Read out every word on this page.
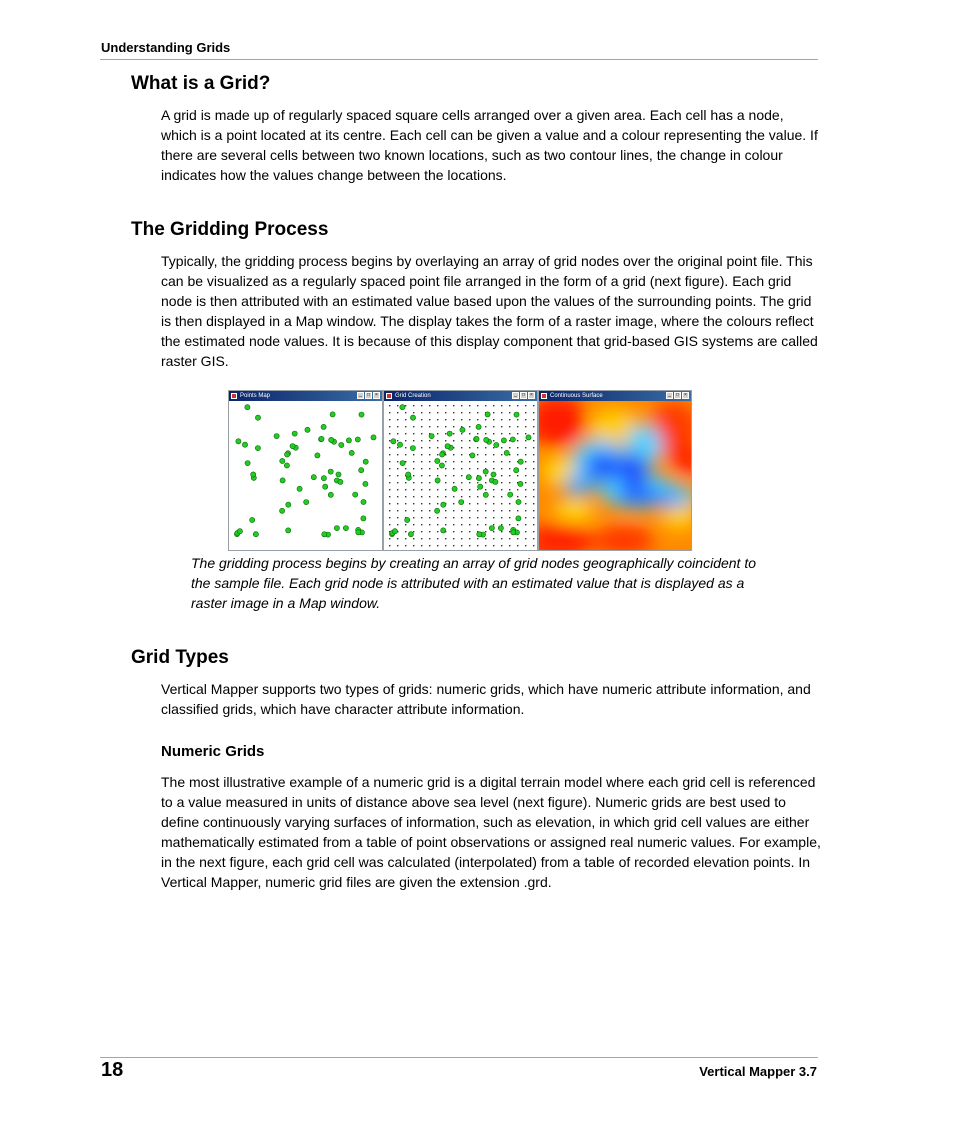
Understanding Grids
What is a Grid?

A grid is made up of regularly spaced square cells arranged over a given area. Each cell has a node, which is a point located at its centre. Each cell can be given a value and a colour representing the value. If there are several cells between two known locations, such as two contour lines, the change in colour indicates how the values change between the locations.

The Gridding Process

Typically, the gridding process begins by overlaying an array of grid nodes over the original point file. This can be visualized as a regularly spaced point file arranged in the form of a grid (next figure). Each grid node is then attributed with an estimated value based upon the values of the surrounding points. The grid is then displayed in a Map window. The display takes the form of a raster image, where the colours reflect the estimated node values. It is because of this display component that grid-based GIS systems are called raster GIS.

Points Map	_	□	×	Grid Creation	_	□	×	Continuous Surface	_	□	×

The gridding process begins by creating an array of grid nodes geographically coincident to the sample file. Each grid node is attributed with an estimated value that is displayed as a raster image in a Map window.

Grid Types

Vertical Mapper supports two types of grids: numeric grids, which have numeric attribute information, and classified grids, which have character attribute information.

Numeric Grids

The most illustrative example of a numeric grid is a digital terrain model where each grid cell is referenced to a value measured in units of distance above sea level (next figure). Numeric grids are best used to define continuously varying surfaces of information, such as elevation, in which grid cell values are either mathematically estimated from a table of point observations or assigned real numeric values. For example, in the next figure, each grid cell was calculated (interpolated) from a table of recorded elevation points. In Vertical Mapper, numeric grid files are given the extension .grd.

18	Vertical Mapper 3.7
